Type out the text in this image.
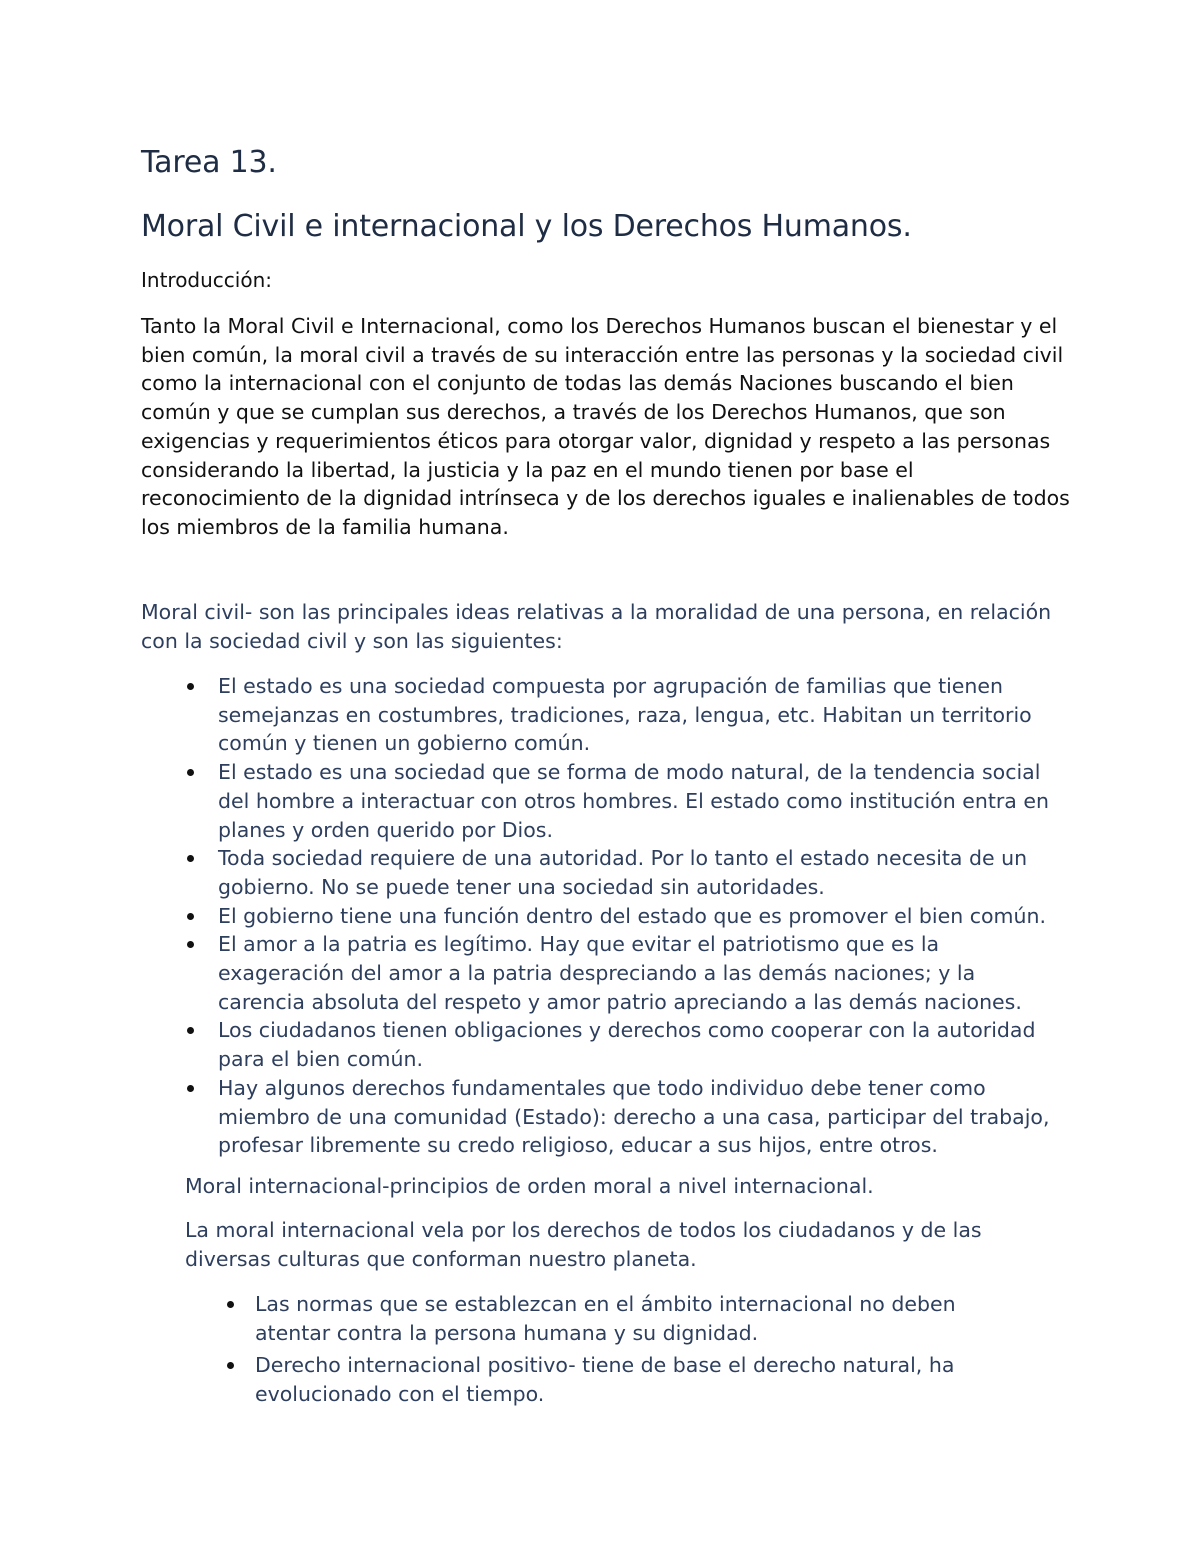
Tarea 13.
Moral Civil e internacional y los Derechos Humanos.
Introducción:
Tanto la Moral Civil e Internacional, como los Derechos Humanos buscan el bienestar y el bien común, la moral civil a través de su interacción entre las personas y la sociedad civil como la internacional con el conjunto de todas las demás Naciones buscando el bien común y que se cumplan sus derechos, a través de los Derechos Humanos, que son exigencias y requerimientos éticos para otorgar valor, dignidad y respeto a las personas considerando la libertad, la justicia y la paz en el mundo tienen por base el reconocimiento de la dignidad intrínseca y de los derechos iguales e inalienables de todos los miembros de la familia humana.
Moral civil- son las principales ideas relativas a la moralidad de una persona, en relación con la sociedad civil y son las siguientes:
El estado es una sociedad compuesta por agrupación de familias que tienen semejanzas en costumbres, tradiciones, raza, lengua, etc. Habitan un territorio común y tienen un gobierno común.
El estado es una sociedad que se forma de modo natural, de la tendencia social del hombre a interactuar con otros hombres. El estado como institución entra en planes y orden querido por Dios.
Toda sociedad requiere de una autoridad. Por lo tanto el estado necesita de un gobierno. No se puede tener una sociedad sin autoridades.
El gobierno tiene una función dentro del estado que es promover el bien común.
El amor a la patria es legítimo. Hay que evitar el patriotismo que es la exageración del amor a la patria despreciando a las demás naciones; y la carencia absoluta del respeto y amor patrio apreciando a las demás naciones.
Los ciudadanos tienen obligaciones y derechos como cooperar con la autoridad para el bien común.
Hay algunos derechos fundamentales que todo individuo debe tener como miembro de una comunidad (Estado): derecho a una casa, participar del trabajo, profesar libremente su credo religioso, educar a sus hijos, entre otros.
Moral internacional-principios de orden moral a nivel internacional.
La moral internacional vela por los derechos de todos los ciudadanos y de las diversas culturas que conforman nuestro planeta.
Las normas que se establezcan en el ámbito internacional no deben atentar contra la persona humana y su dignidad.
Derecho internacional positivo- tiene de base el derecho natural, ha evolucionado con el tiempo.
